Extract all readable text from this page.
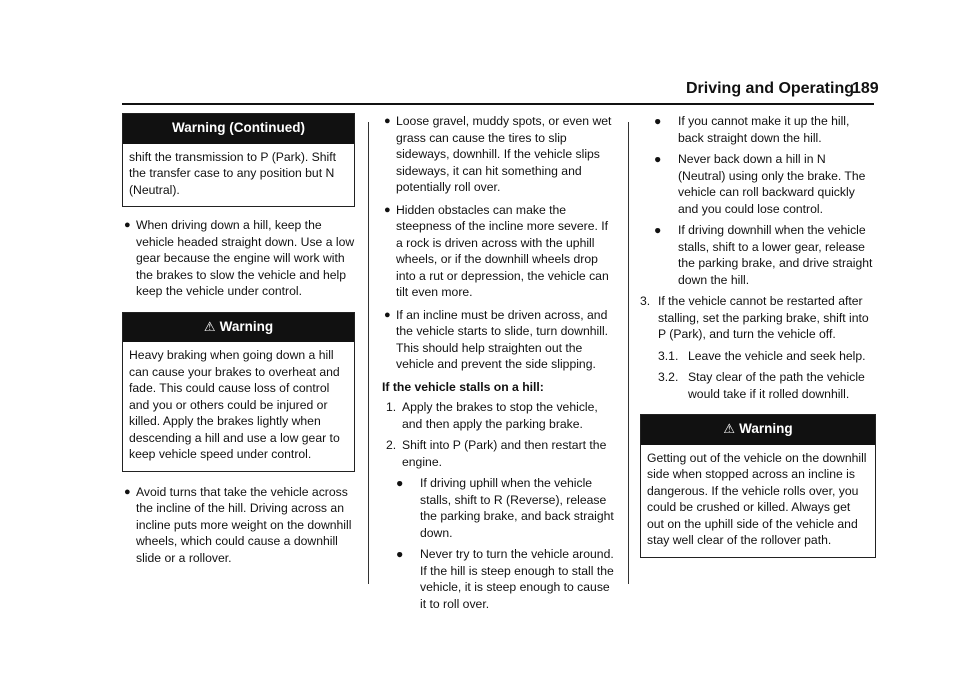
Driving and Operating
189
Warning (Continued)
shift the transmission to P (Park). Shift the transfer case to any position but N (Neutral).
● When driving down a hill, keep the vehicle headed straight down. Use a low gear because the engine will work with the brakes to slow the vehicle and help keep the vehicle under control.

⚠ Warning
Heavy braking when going down a hill can cause your brakes to overheat and fade. This could cause loss of control and you or others could be injured or killed. Apply the brakes lightly when descending a hill and use a low gear to keep vehicle speed under control.
● Avoid turns that take the vehicle across the incline of the hill. Driving across an incline puts more weight on the downhill wheels, which could cause a downhill slide or a rollover.

● Loose gravel, muddy spots, or even wet grass can cause the tires to slip sideways, downhill. If the vehicle slips sideways, it can hit something and potentially roll over.

● Hidden obstacles can make the steepness of the incline more severe. If a rock is driven across with the uphill wheels, or if the downhill wheels drop into a rut or depression, the vehicle can tilt even more.

● If an incline must be driven across, and the vehicle starts to slide, turn downhill. This should help straighten out the vehicle and prevent the side slipping.

If the vehicle stalls on a hill:

1. Apply the brakes to stop the vehicle, and then apply the parking brake.

2. Shift into P (Park) and then restart the engine.

● If driving uphill when the vehicle stalls, shift to R (Reverse), release the parking brake, and back straight down.

● Never try to turn the vehicle around. If the hill is steep enough to stall the vehicle, it is steep enough to cause it to roll over.

● If you cannot make it up the hill, back straight down the hill.

● Never back down a hill in N (Neutral) using only the brake. The vehicle can roll backward quickly and you could lose control.

● If driving downhill when the vehicle stalls, shift to a lower gear, release the parking brake, and drive straight down the hill.

3. If the vehicle cannot be restarted after stalling, set the parking brake, shift into P (Park), and turn the vehicle off.

3.1. Leave the vehicle and seek help.

3.2. Stay clear of the path the vehicle would take if it rolled downhill.

⚠ Warning
Getting out of the vehicle on the downhill side when stopped across an incline is dangerous. If the vehicle rolls over, you could be crushed or killed. Always get out on the uphill side of the vehicle and stay well clear of the rollover path.
